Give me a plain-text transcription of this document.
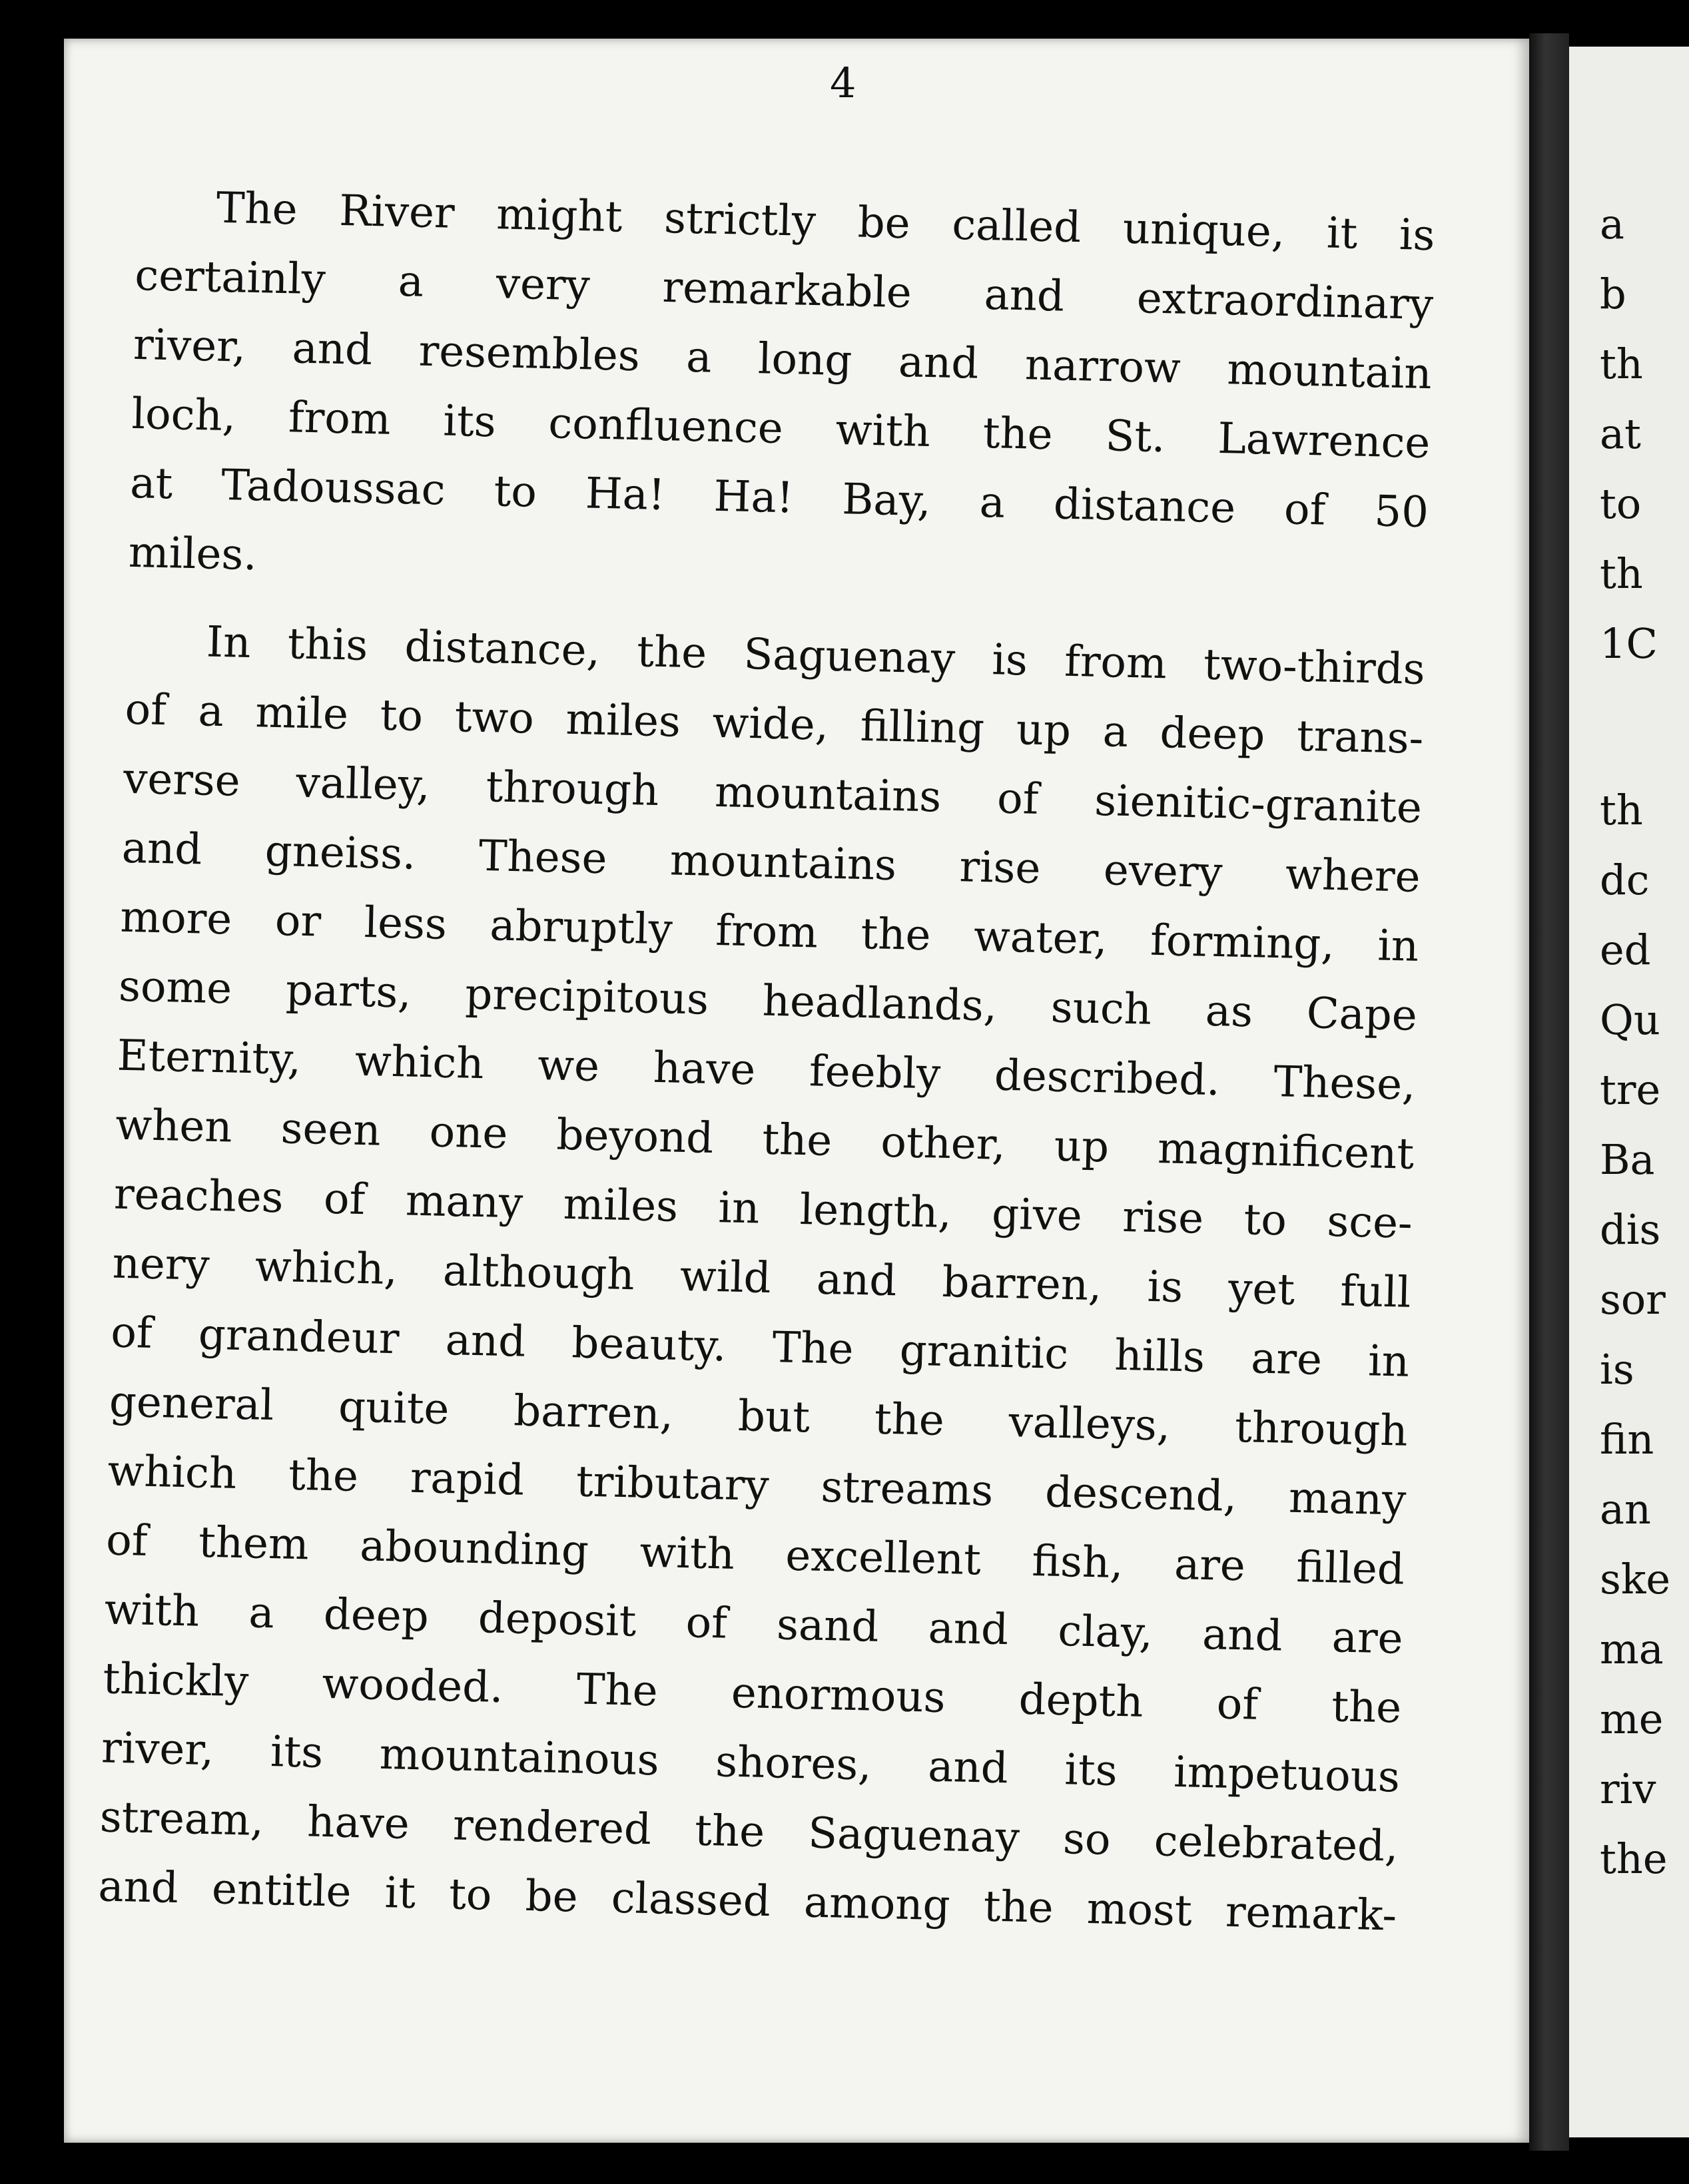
4
The River might strictly be called unique, it is
certainly a very remarkable and extraordinary
river, and resembles a long and narrow mountain
loch, from its confluence with the St. Lawrence
at Tadoussac to Ha! Ha! Bay, a distance of 50
miles.
In this distance, the Saguenay is from two-thirds
of a mile to two miles wide, filling up a deep trans-
verse valley, through mountains of sienitic-granite
and gneiss. These mountains rise every where
more or less abruptly from the water, forming, in
some parts, precipitous headlands, such as Cape
Eternity, which we have feebly described. These,
when seen one beyond the other, up magnificent
reaches of many miles in length, give rise to sce-
nery which, although wild and barren, is yet full
of grandeur and beauty. The granitic hills are in
general quite barren, but the valleys, through
which the rapid tributary streams descend, many
of them abounding with excellent fish, are filled
with a deep deposit of sand and clay, and are
thickly wooded. The enormous depth of the
river, its mountainous shores, and its impetuous
stream, have rendered the Saguenay so celebrated,
and entitle it to be classed among the most remark-
a
b
th
at
to
th
1C
th
dc
ed
Qu
tre
Ba
dis
sor
is
fin
an
ske
ma
me
riv
the
